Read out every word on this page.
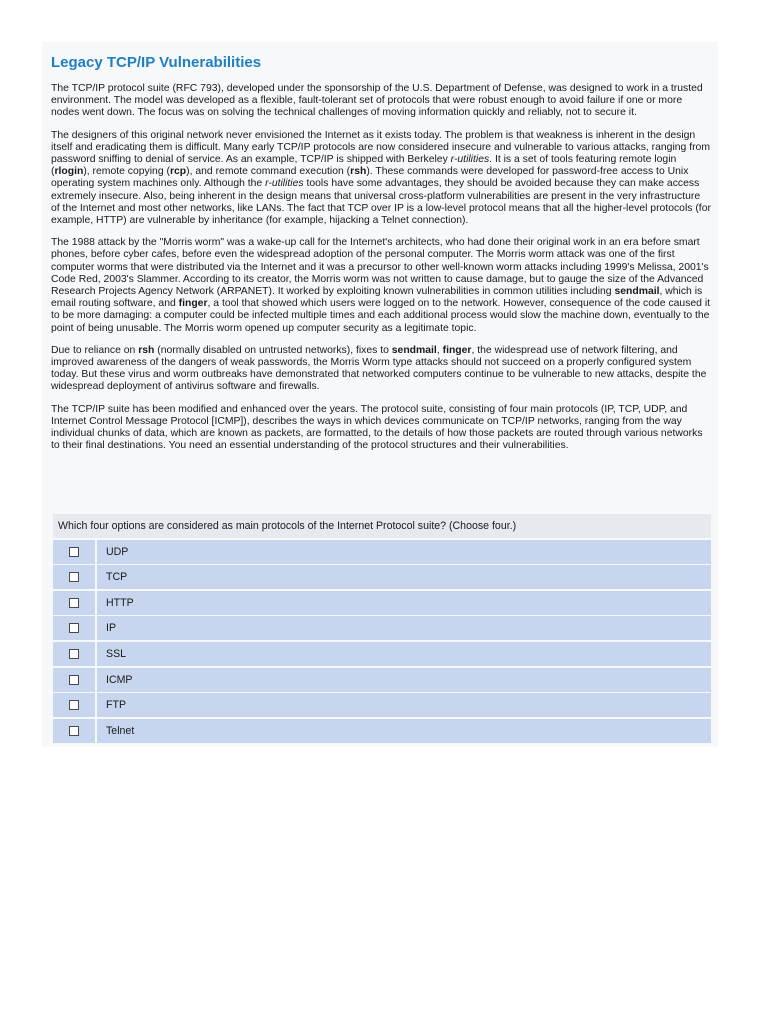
Legacy TCP/IP Vulnerabilities

The TCP/IP protocol suite (RFC 793), developed under the sponsorship of the U.S. Department of Defense, was designed to work in a trusted environment. The model was developed as a flexible, fault-tolerant set of protocols that were robust enough to avoid failure if one or more nodes went down. The focus was on solving the technical challenges of moving information quickly and reliably, not to secure it.

The designers of this original network never envisioned the Internet as it exists today. The problem is that weakness is inherent in the design itself and eradicating them is difficult. Many early TCP/IP protocols are now considered insecure and vulnerable to various attacks, ranging from password sniffing to denial of service. As an example, TCP/IP is shipped with Berkeley r-utilities. It is a set of tools featuring remote login (rlogin), remote copying (rcp), and remote command execution (rsh). These commands were developed for password-free access to Unix operating system machines only. Although the r-utilities tools have some advantages, they should be avoided because they can make access extremely insecure. Also, being inherent in the design means that universal cross-platform vulnerabilities are present in the very infrastructure of the Internet and most other networks, like LANs. The fact that TCP over IP is a low-level protocol means that all the higher-level protocols (for example, HTTP) are vulnerable by inheritance (for example, hijacking a Telnet connection).

The 1988 attack by the "Morris worm" was a wake-up call for the Internet's architects, who had done their original work in an era before smart phones, before cyber cafes, before even the widespread adoption of the personal computer. The Morris worm attack was one of the first computer worms that were distributed via the Internet and it was a precursor to other well-known worm attacks including 1999's Melissa, 2001's Code Red, 2003's Slammer. According to its creator, the Morris worm was not written to cause damage, but to gauge the size of the Advanced Research Projects Agency Network (ARPANET). It worked by exploiting known vulnerabilities in common utilities including sendmail, which is email routing software, and finger, a tool that showed which users were logged on to the network. However, consequence of the code caused it to be more damaging: a computer could be infected multiple times and each additional process would slow the machine down, eventually to the point of being unusable. The Morris worm opened up computer security as a legitimate topic.

Due to reliance on rsh (normally disabled on untrusted networks), fixes to sendmail, finger, the widespread use of network filtering, and improved awareness of the dangers of weak passwords, the Morris Worm type attacks should not succeed on a properly configured system today. But these virus and worm outbreaks have demonstrated that networked computers continue to be vulnerable to new attacks, despite the widespread deployment of antivirus software and firewalls.

The TCP/IP suite has been modified and enhanced over the years. The protocol suite, consisting of four main protocols (IP, TCP, UDP, and Internet Control Message Protocol [ICMP]), describes the ways in which devices communicate on TCP/IP networks, ranging from the way individual chunks of data, which are known as packets, are formatted, to the details of how those packets are routed through various networks to their final destinations. You need an essential understanding of the protocol structures and their vulnerabilities.

Which four options are considered as main protocols of the Internet Protocol suite? (Choose four.)
UDP
TCP
HTTP
IP
SSL
ICMP
FTP
Telnet
